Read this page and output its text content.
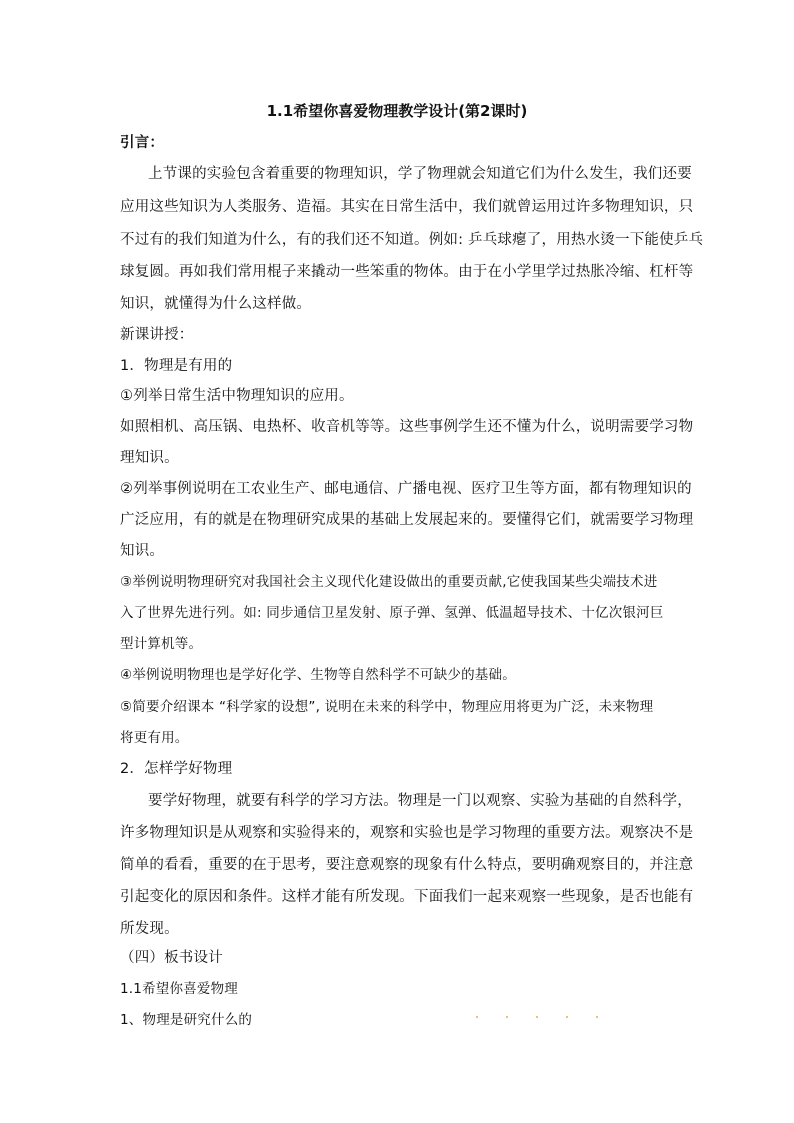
1.1希望你喜爱物理教学设计(第2课时)
引言：
上节课的实验包含着重要的物理知识，学了物理就会知道它们为什么发生，我们还要
应用这些知识为人类服务、造福。其实在日常生活中，我们就曾运用过许多物理知识，只
不过有的我们知道为什么，有的我们还不知道。例如: 乒乓球瘪了，用热水烫一下能使乒乓
球复圆。再如我们常用棍子来撬动一些笨重的物体。由于在小学里学过热胀冷缩、杠杆等
知识，就懂得为什么这样做。
新课讲授：
1．物理是有用的
①列举日常生活中物理知识的应用。
如照相机、高压锅、电热杯、收音机等等。这些事例学生还不懂为什么，说明需要学习物
理知识。
②列举事例说明在工农业生产、邮电通信、广播电视、医疗卫生等方面，都有物理知识的
广泛应用，有的就是在物理研究成果的基础上发展起来的。要懂得它们，就需要学习物理
知识。
③举例说明物理研究对我国社会主义现代化建设做出的重要贡献,它使我国某些尖端技术进
入了世界先进行列。如: 同步通信卫星发射、原子弹、氢弹、低温超导技术、十亿次银河巨
型计算机等。
④举例说明物理也是学好化学、生物等自然科学不可缺少的基础。
⑤简要介绍课本 “科学家的设想”, 说明在未来的科学中，物理应用将更为广泛，未来物理
将更有用。
2．怎样学好物理
要学好物理，就要有科学的学习方法。物理是一门以观察、实验为基础的自然科学，
许多物理知识是从观察和实验得来的，观察和实验也是学习物理的重要方法。观察决不是
简单的看看，重要的在于思考，要注意观察的现象有什么特点，要明确观察目的，并注意
引起变化的原因和条件。这样才能有所发现。下面我们一起来观察一些现象，是否也能有
所发现。
（四）板书设计
1.1希望你喜爱物理
1、物理是研究什么的
